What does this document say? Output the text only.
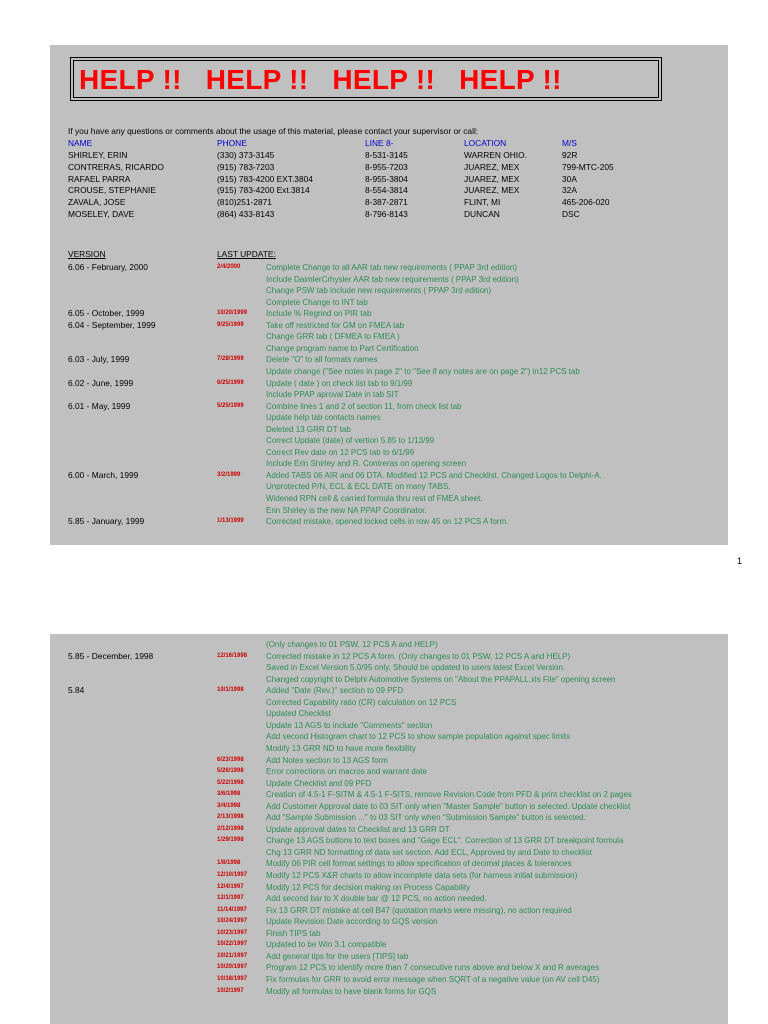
HELP !! HELP !! HELP !! HELP !!
If you have any questions or comments about the usage of this material, please contact your supervisor or call:
NAME	PHONE	LINE 8-	LOCATION	M/S
SHIRLEY, ERIN	(330) 373-3145	8-531-3145	WARREN OHIO.	92R
CONTRERAS, RICARDO	(915) 783-7203	8-955-7203	JUAREZ, MEX	799-MTC-205
RAFAEL PARRA	(915) 783-4200 EXT.3804	8-955-3804	JUAREZ, MEX	30A
CROUSE, STEPHANIE	(915) 783-4200 Ext.3814	8-554-3814	JUAREZ, MEX	32A
ZAVALA, JOSE	(810)251-2871	8-387-2871	FLINT, MI	465-206-020
MOSELEY, DAVE	(864) 433-8143	8-796-8143	DUNCAN	DSC
VERSION	LAST UPDATE:
6.06 - February, 2000	2/4/2000	Complete Change to all AAR tab new requirements ( PPAP 3rd edition)
Include DaimlerCrhysler AAR tab new requirements ( PPAP 3rd edition)
Change PSW tab include new requirements ( PPAP 3rd edition)
Complete Change to INT tab
6.05 - October, 1999	10/20/1999 Include % Regrind on PIR tab
6.04 - September, 1999	9/25/1999	Take off restricted for GM on FMEA tab
Change GRR tab ( DFMEA to FMEA )
Change program name to Part Certification
6.03 - July, 1999	7/28/1999	Delete "O" to all formats names
Update change ("See notes in page 2" to "See if any notes are on page 2") in12 PCS tab
6.02 - June, 1999	6/25/1999	Update ( date ) on check list tab to 9/1/99
Include PPAP aproval Date in tab SIT
6.01 - May, 1999	5/25/1999	Combine lines 1 and 2 of section 11, from check list tab
Update help tab contacts names
Deleted 13 GRR DT tab
Correct Update (date) of vertion 5.85 to 1/13/99
Correct Rev date on 12 PCS tab to 6/1/99
Include Erin Shirley and R. Contreras on opening screen
6.00 - March, 1999	3/2/1999	Added TABS 06 AIR and 06 DTA. Modified 12 PCS and Checklist. Changed Logos to Delphi-A.
Unprotected P/N, ECL & ECL DATE on many TABS.
Widened RPN cell & carried formula thru rest of FMEA sheet.
Erin Shirley is the new NA PPAP Coordinator.
5.85 - January, 1999	1/13/1999	Corrected mistake, opened locked cells in row 45 on 12 PCS A form.
1
(Only changes to 01 PSW, 12 PCS A and HELP)
5.85 - December, 1998	12/16/1998 Corrected mistake in 12 PCS A form. (Only changes to 01 PSW, 12 PCS A and HELP)
Saved in Excel Version 5.0/95 only. Should be updated to users latest Excel Version.
Changed copyright to Delphi Automotive Systems on "About the PPAPALL.xls File" opening screen
5.84	10/1/1998	Added "Date (Rev.)" section to 09 PFD
Corrected Capability ratio (CR) calculation on 12 PCS
Updated Checklist
Update 13 AGS to include "Comments" section
Add second Histogram chart to 12 PCS to show sample population against spec limits
Modify 13 GRR ND to have more flexibility
6/23/1998	Add Notes section to 13 AGS form
5/26/1998	Error corrections on macros and warrant date
5/22/1998	Update Checklist and 09 PFD
3/6/1998	Creation of 4.5-1 F-SITM & 4.5-1 F-SITS, remove Revision Code from PFD & print checklist on 2 pages
3/4/1998	Add Customer Approval date to 03 SIT only when "Master Sample" button is selected. Update checklist
2/13/1998	Add "Sample Submission ..." to 03 SIT only when "Submission Sample" button is selected.
2/12/1998	Update approval dates to Checklist and 13 GRR DT
1/29/1998	Change 13 AGS buttons to text boxes and "Gage ECL". Correction of 13 GRR DT breakpoint formula
Chg 13 GRR ND formatting of data set section. Add ECL, Approved by and Date to checklist
1/8/1998	Modify 06 PIR cell format settings to allow specification of decimal places & tolerances
12/10/1997 Modify 12 PCS X&R charts to allow incomplete data sets (for harness initial submission)
12/4/1997	Modify 12 PCS for decision making on Process Capability
12/1/1997	Add second bar to X double bar @ 12 PCS, no action needed.
11/14/1997 Fix 13 GRR DT mistake at cell B47 (quotation marks were missing), no action required
10/24/1997 Update Revision Date according to GQS version
10/23/1997 Finish TIPS tab
10/22/1997 Updated to be Win 3.1 compatible
10/21/1997 Add general tips for the users [TIPS] tab
10/20/1997 Program 12 PCS to identify more than 7 consecutive runs above and below X and R averages
10/18/1997 Fix formulas for GRR to avoid error message when SQRT of a negative value (on AV cell D45)
10/2/1997	Modify all formulas to have blank forms for GQS
